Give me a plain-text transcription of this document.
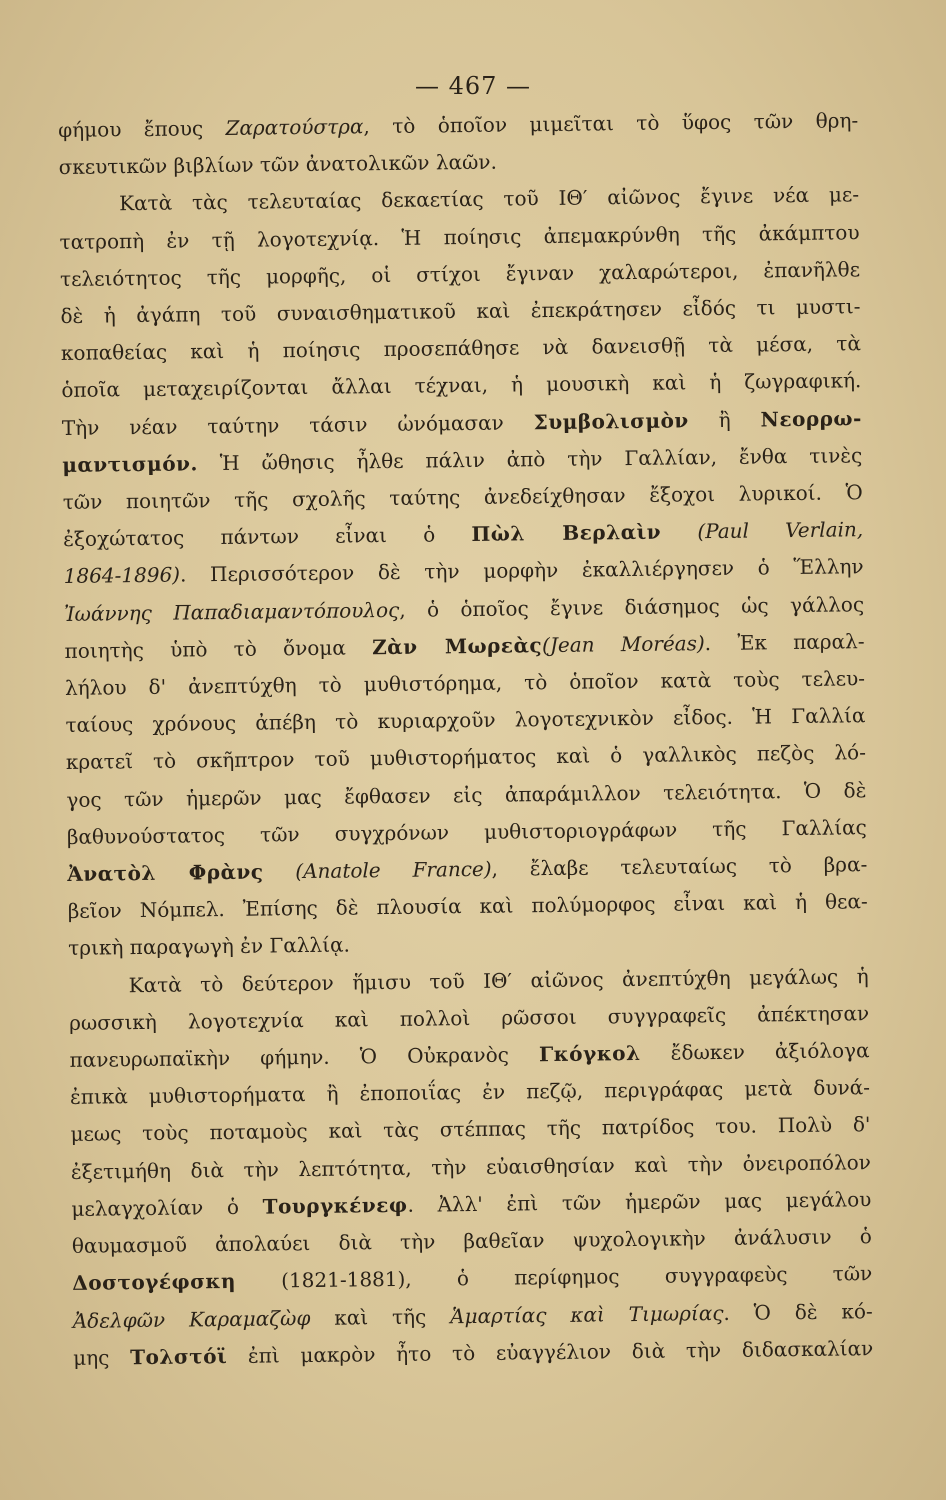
— 467 —
φήμου ἔπους Ζαρατούστρα, τὸ ὁποῖον μιμεῖται τὸ ὕφος τῶν θρη-
σκευτικῶν βιβλίων τῶν ἀνατολικῶν λαῶν.
Κατὰ τὰς τελευταίας δεκαετίας τοῦ ΙΘ′ αἰῶνος ἔγινε νέα με-
τατροπὴ ἐν τῇ λογοτεχνίᾳ. Ἡ ποίησις ἀπεμακρύνθη τῆς ἀκάμπτου
τελειότητος τῆς μορφῆς, οἱ στίχοι ἔγιναν χαλαρώτεροι, ἐπανῆλθε
δὲ ἡ ἀγάπη τοῦ συναισθηματικοῦ καὶ ἐπεκράτησεν εἶδός τι μυστι-
κοπαθείας καὶ ἡ ποίησις προσεπάθησε νὰ δανεισθῇ τὰ μέσα, τὰ
ὁποῖα μεταχειρίζονται ἄλλαι τέχναι, ἡ μουσικὴ καὶ ἡ ζωγραφική.
Τὴν νέαν ταύτην τάσιν ὠνόμασαν Συμβολισμὸν ἢ Νεορρω-
μαντισμόν. Ἡ ὤθησις ἦλθε πάλιν ἀπὸ τὴν Γαλλίαν, ἔνθα τινὲς
τῶν ποιητῶν τῆς σχολῆς ταύτης ἀνεδείχθησαν ἔξοχοι λυρικοί. Ὁ
ἐξοχώτατος πάντων εἶναι ὁ Πὼλ Βερλαὶν (Paul Verlain,
1864-1896). Περισσότερον δὲ τὴν μορφὴν ἐκαλλιέργησεν ὁ Ἕλλην
Ἰωάννης Παπαδιαμαντόπουλος, ὁ ὁποῖος ἔγινε διάσημος ὡς γάλλος
ποιητὴς ὑπὸ τὸ ὄνομα Ζὰν Μωρεὰς(Jean Moréas). Ἐκ παραλ-
λήλου δ' ἀνεπτύχθη τὸ μυθιστόρημα, τὸ ὁποῖον κατὰ τοὺς τελευ-
ταίους χρόνους ἀπέβη τὸ κυριαρχοῦν λογοτεχνικὸν εἶδος. Ἡ Γαλλία
κρατεῖ τὸ σκῆπτρον τοῦ μυθιστορήματος καὶ ὁ γαλλικὸς πεζὸς λό-
γος τῶν ἡμερῶν μας ἔφθασεν εἰς ἀπαράμιλλον τελειότητα. Ὁ δὲ
βαθυνούστατος τῶν συγχρόνων μυθιστοριογράφων τῆς Γαλλίας
Ἀνατὸλ Φρὰνς (Anatole France), ἔλαβε τελευταίως τὸ βρα-
βεῖον Νόμπελ. Ἐπίσης δὲ πλουσία καὶ πολύμορφος εἶναι καὶ ἡ θεα-
τρικὴ παραγωγὴ ἐν Γαλλίᾳ.
Κατὰ τὸ δεύτερον ἥμισυ τοῦ ΙΘ′ αἰῶνος ἀνεπτύχθη μεγάλως ἡ
ρωσσικὴ λογοτεχνία καὶ πολλοὶ ρῶσσοι συγγραφεῖς ἀπέκτησαν
πανευρωπαϊκὴν φήμην. Ὁ Οὐκρανὸς Γκόγκολ ἔδωκεν ἀξιόλογα
ἐπικὰ μυθιστορήματα ἢ ἐποποιΐας ἐν πεζῷ, περιγράφας μετὰ δυνά-
μεως τοὺς ποταμοὺς καὶ τὰς στέππας τῆς πατρίδος του. Πολὺ δ'
ἐξετιμήθη διὰ τὴν λεπτότητα, τὴν εὐαισθησίαν καὶ τὴν ὀνειροπόλον
μελαγχολίαν ὁ Τουργκένεφ. Ἀλλ' ἐπὶ τῶν ἡμερῶν μας μεγάλου
θαυμασμοῦ ἀπολαύει διὰ τὴν βαθεῖαν ψυχολογικὴν ἀνάλυσιν ὁ
Δοστογέφσκη (1821-1881), ὁ περίφημος συγγραφεὺς τῶν
Ἀδελφῶν Καραμαζὼφ καὶ τῆς Ἁμαρτίας καὶ Τιμωρίας. Ὁ δὲ κό-
μης Τολστόϊ ἐπὶ μακρὸν ἦτο τὸ εὐαγγέλιον διὰ τὴν διδασκαλίαν
